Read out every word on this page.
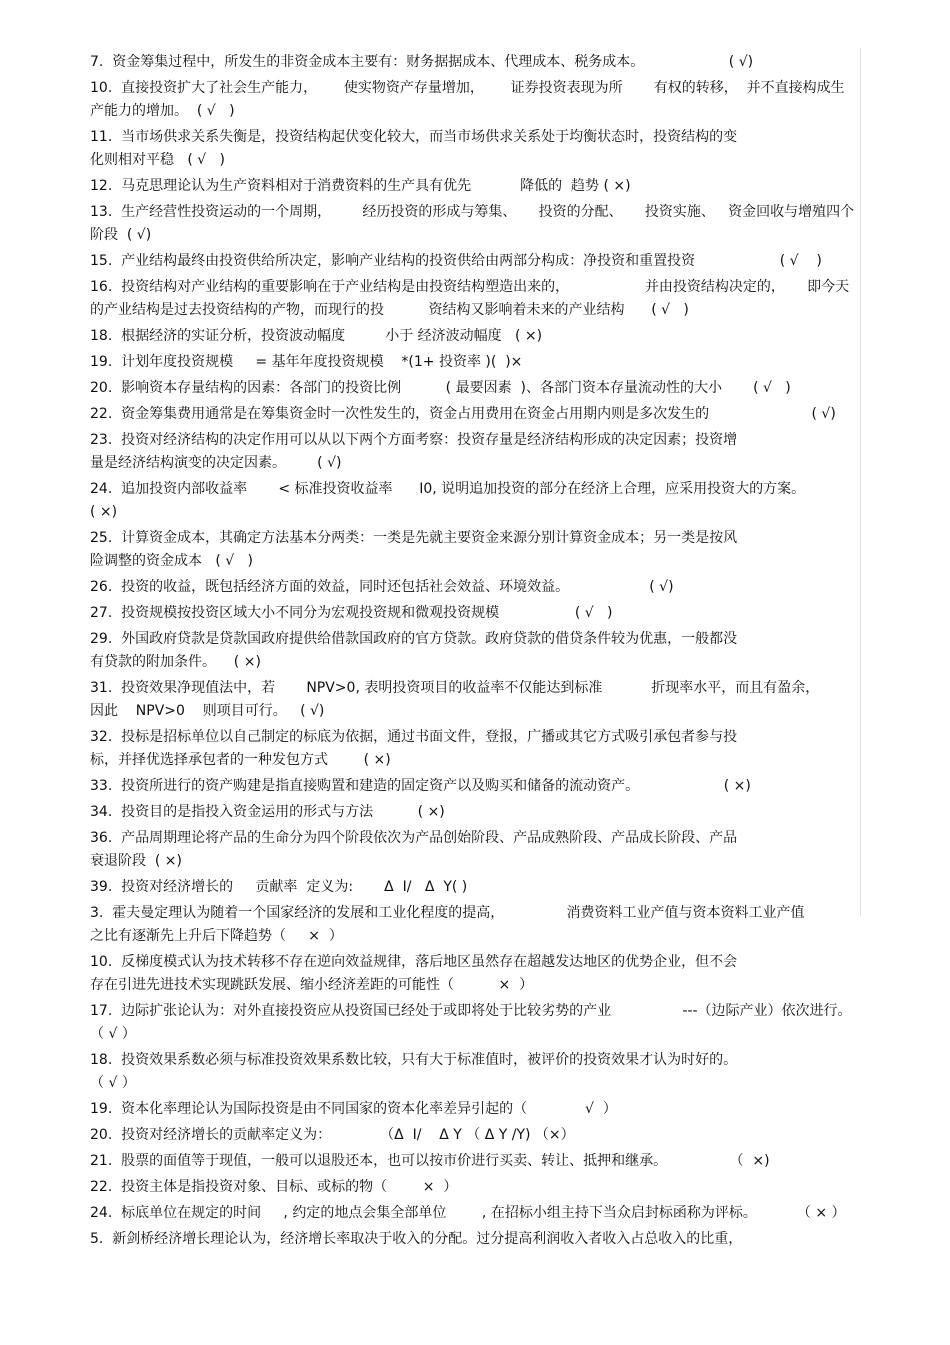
7.  资金筹集过程中，所发生的非资金成本主要有：财务据据成本、代理成本、税务成本。                   ( √)
10.  直接投资扩大了社会生产能力，      使实物资产存量增加，      证券投资表现为所       有权的转移，  并不直接构成生产能力的增加。  ( √   )
11.  当市场供求关系失衡是，投资结构起伏变化较大，而当市场供求关系处于均衡状态时，投资结构的变
化则相对平稳   ( √   )
12.  马克思理论认为生产资料相对于消费资料的生产具有优先           降低的  趋势 ( ×)
13.  生产经营性投资运动的一个周期，       经历投资的形成与筹集、     投资的分配、     投资实施、   资金回收与增殖四个阶段  ( √)
15.  产业结构最终由投资供给所决定，影响产业结构的投资供给由两部分构成：净投资和重置投资                   ( √    )
16.  投资结构对产业结构的重要影响在于产业结构是由投资结构塑造出来的，                 并由投资结构决定的，     即今天的产业结构是过去投资结构的产物，而现行的投          资结构又影响着未来的产业结构      ( √   )
18.  根据经济的实证分析，投资波动幅度         小于 经济波动幅度   ( ×)
19.  计划年度投资规模     = 基年年度投资规模    *(1+ 投资率 )(  )×
20.  影响资本存量结构的因素：各部门的投资比例          ( 最要因素  )、各部门资本存量流动性的大小       ( √   )
22.  资金筹集费用通常是在筹集资金时一次性发生的，资金占用费用在资金占用期内则是多次发生的                       ( √)
23.  投资对经济结构的决定作用可以从以下两个方面考察：投资存量是经济结构形成的决定因素；投资增
量是经济结构演变的决定因素。       ( √)
24.  追加投资内部收益率       < 标准投资收益率      I0, 说明追加投资的部分在经济上合理，应采用投资大的方案。
( ×)
25.  计算资金成本，其确定方法基本分两类：一类是先就主要资金来源分别计算资金成本；另一类是按风
险调整的资金成本   ( √   )
26.  投资的收益，既包括经济方面的效益，同时还包括社会效益、环境效益。                  ( √)
27.  投资规模按投资区域大小不同分为宏观投资规和微观投资规模                 ( √   )
29.  外国政府贷款是贷款国政府提供给借款国政府的官方贷款。政府贷款的借贷条件较为优惠，一般都没
有贷款的附加条件。    ( ×)
31.  投资效果净现值法中，若       NPV>0, 表明投资项目的收益率不仅能达到标准           折现率水平，而且有盈余，
因此    NPV>0    则项目可行。   ( √)
32.  投标是招标单位以自己制定的标底为依据，通过书面文件，登报，广播或其它方式吸引承包者参与投
标，并择优选择承包者的一种发包方式        ( ×)
33.  投资所进行的资产购建是指直接购置和建造的固定资产以及购买和储备的流动资产。                   ( ×)
34.  投资目的是指投入资金运用的形式与方法          ( ×)
36.  产品周期理论将产品的生命分为四个阶段依次为产品创始阶段、产品成熟阶段、产品成长阶段、产品
衰退阶段  ( ×)
39.  投资对经济增长的     贡献率  定义为:       Δ  I/   Δ  Y( )
3.  霍夫曼定理认为随着一个国家经济的发展和工业化程度的提高，              消费资料工业产值与资本资料工业产值
之比有逐渐先上升后下降趋势（     ×  ）
10.  反梯度模式认为技术转移不存在逆向效益规律，落后地区虽然存在超越发达地区的优势企业，但不会
存在引进先进技术实现跳跃发展、缩小经济差距的可能性（          ×  ）
17.  边际扩张论认为：对外直接投资应从投资国已经处于或即将处于比较劣势的产业                ---（边际产业）依次进行。（ √ ）
18.  投资效果系数必须与标准投资效果系数比较，只有大于标准值时，被评价的投资效果才认为时好的。
（ √ ）
19.  资本化率理论认为国际投资是由不同国家的资本化率差异引起的（             √  ）
20.  投资对经济增长的贡献率定义为：           （Δ  I/    Δ Y （ Δ Y /Y) （×）
21.  股票的面值等于现值，一般可以退股还本，也可以按市价进行买卖、转让、抵押和继承。              （  ×)
22.  投资主体是指投资对象、目标、或标的物（        ×  ）
24.  标底单位在规定的时间     , 约定的地点会集全部单位        , 在招标小组主持下当众启封标函称为评标。         （ × ）
5.  新剑桥经济增长理论认为，经济增长率取决于收入的分配。过分提高利润收入者收入占总收入的比重，
